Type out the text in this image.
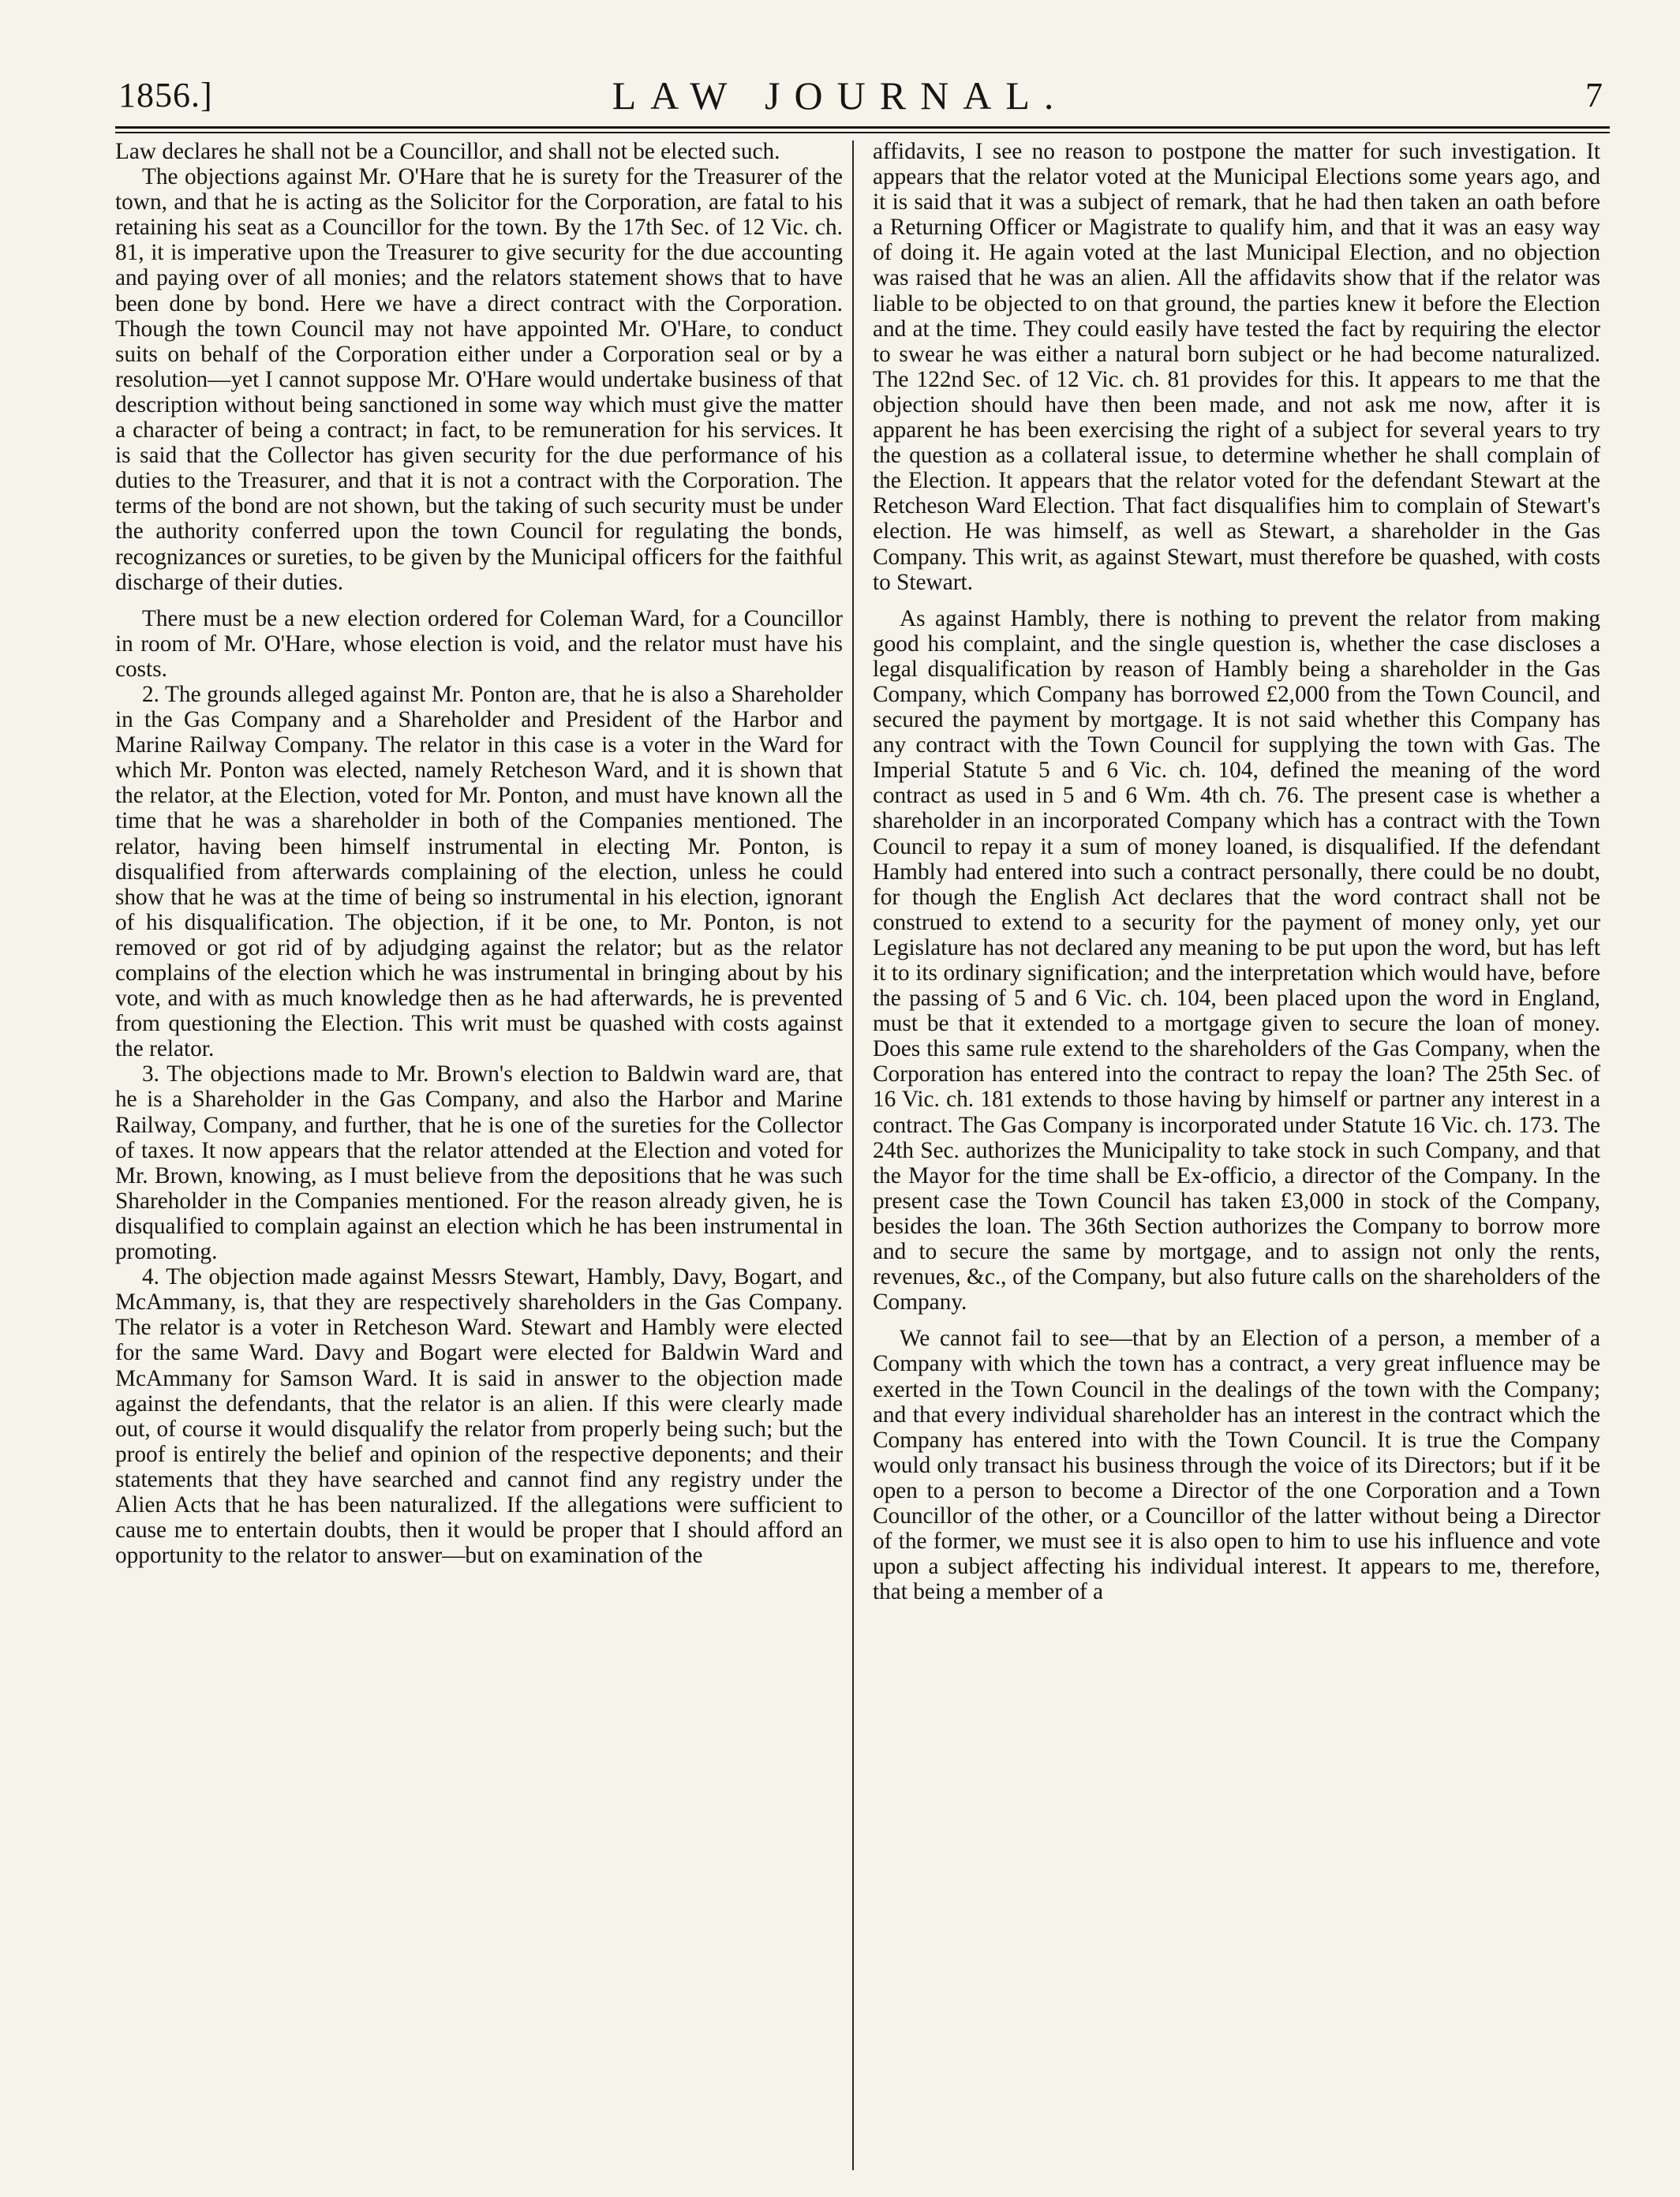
1856.]	LAW JOURNAL.	7

Law declares he shall not be a Councillor, and shall not be elected such.

The objections against Mr. O'Hare that he is surety for the Treasurer of the town, and that he is acting as the Solicitor for the Corporation, are fatal to his retaining his seat as a Councillor for the town. By the 17th Sec. of 12 Vic. ch. 81, it is imperative upon the Treasurer to give security for the due accounting and paying over of all monies; and the relators statement shows that to have been done by bond. Here we have a direct contract with the Corporation. Though the town Council may not have appointed Mr. O'Hare, to conduct suits on behalf of the Corporation either under a Corporation seal or by a resolution—yet I cannot suppose Mr. O'Hare would undertake business of that description without being sanctioned in some way which must give the matter a character of being a contract; in fact, to be remuneration for his services. It is said that the Collector has given security for the due performance of his duties to the Treasurer, and that it is not a contract with the Corporation. The terms of the bond are not shown, but the taking of such security must be under the authority conferred upon the town Council for regulating the bonds, recognizances or sureties, to be given by the Municipal officers for the faithful discharge of their duties.

There must be a new election ordered for Coleman Ward, for a Councillor in room of Mr. O'Hare, whose election is void, and the relator must have his costs.

2. The grounds alleged against Mr. Ponton are, that he is also a Shareholder in the Gas Company and a Shareholder and President of the Harbor and Marine Railway Company. The relator in this case is a voter in the Ward for which Mr. Ponton was elected, namely Retcheson Ward, and it is shown that the relator, at the Election, voted for Mr. Ponton, and must have known all the time that he was a shareholder in both of the Companies mentioned. The relator, having been himself instrumental in electing Mr. Ponton, is disqualified from afterwards complaining of the election, unless he could show that he was at the time of being so instrumental in his election, ignorant of his disqualification. The objection, if it be one, to Mr. Ponton, is not removed or got rid of by adjudging against the relator; but as the relator complains of the election which he was instrumental in bringing about by his vote, and with as much knowledge then as he had afterwards, he is prevented from questioning the Election. This writ must be quashed with costs against the relator.

3. The objections made to Mr. Brown's election to Baldwin ward are, that he is a Shareholder in the Gas Company, and also the Harbor and Marine Railway, Company, and further, that he is one of the sureties for the Collector of taxes. It now appears that the relator attended at the Election and voted for Mr. Brown, knowing, as I must believe from the depositions that he was such Shareholder in the Companies mentioned. For the reason already given, he is disqualified to complain against an election which he has been instrumental in promoting.

4. The objection made against Messrs Stewart, Hambly, Davy, Bogart, and McAmmany, is, that they are respectively shareholders in the Gas Company. The relator is a voter in Retcheson Ward. Stewart and Hambly were elected for the same Ward. Davy and Bogart were elected for Baldwin Ward and McAmmany for Samson Ward. It is said in answer to the objection made against the defendants, that the relator is an alien. If this were clearly made out, of course it would disqualify the relator from properly being such; but the proof is entirely the belief and opinion of the respective deponents; and their statements that they have searched and cannot find any registry under the Alien Acts that he has been naturalized. If the allegations were sufficient to cause me to entertain doubts, then it would be proper that I should afford an opportunity to the relator to answer—but on examination of the

affidavits, I see no reason to postpone the matter for such investigation. It appears that the relator voted at the Municipal Elections some years ago, and it is said that it was a subject of remark, that he had then taken an oath before a Returning Officer or Magistrate to qualify him, and that it was an easy way of doing it. He again voted at the last Municipal Election, and no objection was raised that he was an alien. All the affidavits show that if the relator was liable to be objected to on that ground, the parties knew it before the Election and at the time. They could easily have tested the fact by requiring the elector to swear he was either a natural born subject or he had become naturalized. The 122nd Sec. of 12 Vic. ch. 81 provides for this. It appears to me that the objection should have then been made, and not ask me now, after it is apparent he has been exercising the right of a subject for several years to try the question as a collateral issue, to determine whether he shall complain of the Election. It appears that the relator voted for the defendant Stewart at the Retcheson Ward Election. That fact disqualifies him to complain of Stewart's election. He was himself, as well as Stewart, a shareholder in the Gas Company. This writ, as against Stewart, must therefore be quashed, with costs to Stewart.

As against Hambly, there is nothing to prevent the relator from making good his complaint, and the single question is, whether the case discloses a legal disqualification by reason of Hambly being a shareholder in the Gas Company, which Company has borrowed £2,000 from the Town Council, and secured the payment by mortgage. It is not said whether this Company has any contract with the Town Council for supplying the town with Gas. The Imperial Statute 5 and 6 Vic. ch. 104, defined the meaning of the word contract as used in 5 and 6 Wm. 4th ch. 76. The present case is whether a shareholder in an incorporated Company which has a contract with the Town Council to repay it a sum of money loaned, is disqualified. If the defendant Hambly had entered into such a contract personally, there could be no doubt, for though the English Act declares that the word contract shall not be construed to extend to a security for the payment of money only, yet our Legislature has not declared any meaning to be put upon the word, but has left it to its ordinary signification; and the interpretation which would have, before the passing of 5 and 6 Vic. ch. 104, been placed upon the word in England, must be that it extended to a mortgage given to secure the loan of money. Does this same rule extend to the shareholders of the Gas Company, when the Corporation has entered into the contract to repay the loan? The 25th Sec. of 16 Vic. ch. 181 extends to those having by himself or partner any interest in a contract. The Gas Company is incorporated under Statute 16 Vic. ch. 173. The 24th Sec. authorizes the Municipality to take stock in such Company, and that the Mayor for the time shall be Ex-officio, a director of the Company. In the present case the Town Council has taken £3,000 in stock of the Company, besides the loan. The 36th Section authorizes the Company to borrow more and to secure the same by mortgage, and to assign not only the rents, revenues, &c., of the Company, but also future calls on the shareholders of the Company.

We cannot fail to see—that by an Election of a person, a member of a Company with which the town has a contract, a very great influence may be exerted in the Town Council in the dealings of the town with the Company; and that every individual shareholder has an interest in the contract which the Company has entered into with the Town Council. It is true the Company would only transact his business through the voice of its Directors; but if it be open to a person to become a Director of the one Corporation and a Town Councillor of the other, or a Councillor of the latter without being a Director of the former, we must see it is also open to him to use his influence and vote upon a subject affecting his individual interest. It appears to me, therefore, that being a member of a
